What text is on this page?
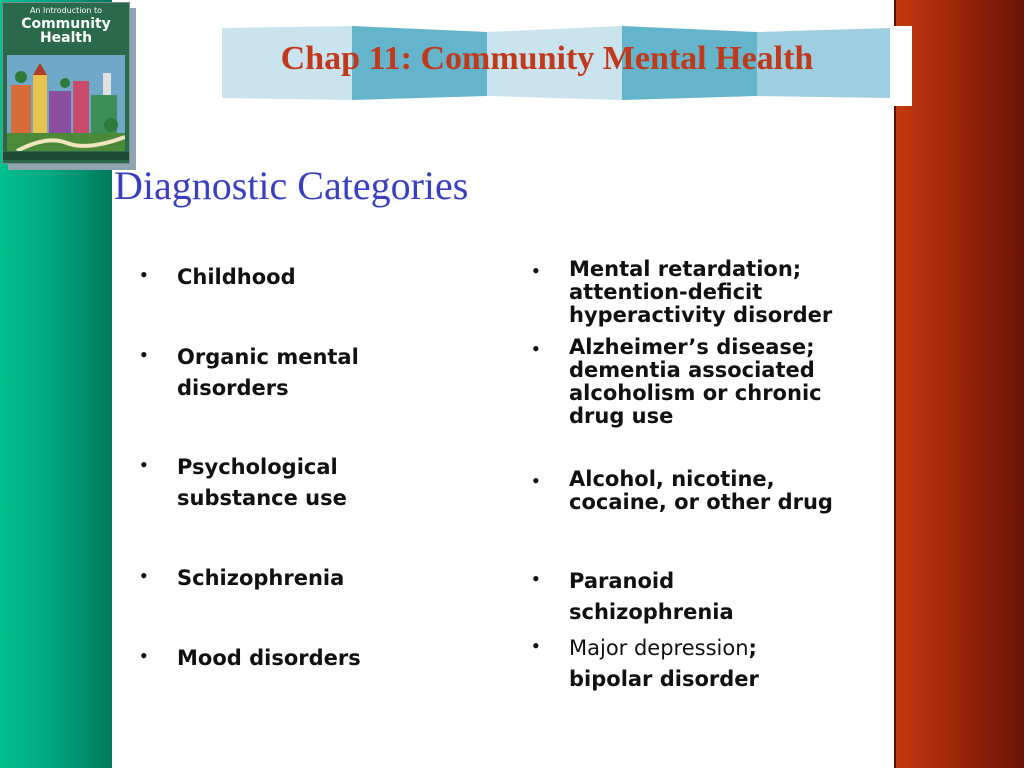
An Introduction to
Community
Health
Chap 11: Community Mental Health
Diagnostic Categories
• Childhood
• Organic mental
disorders
• Psychological
substance use
• Schizophrenia
• Mood disorders
• Mental retardation;
attention-deficit
hyperactivity disorder
• Alzheimer’s disease;
dementia associated
alcoholism or chronic
drug use
• Alcohol, nicotine,
cocaine, or other drug
• Paranoid
schizophrenia
• Major depression;
bipolar disorder
